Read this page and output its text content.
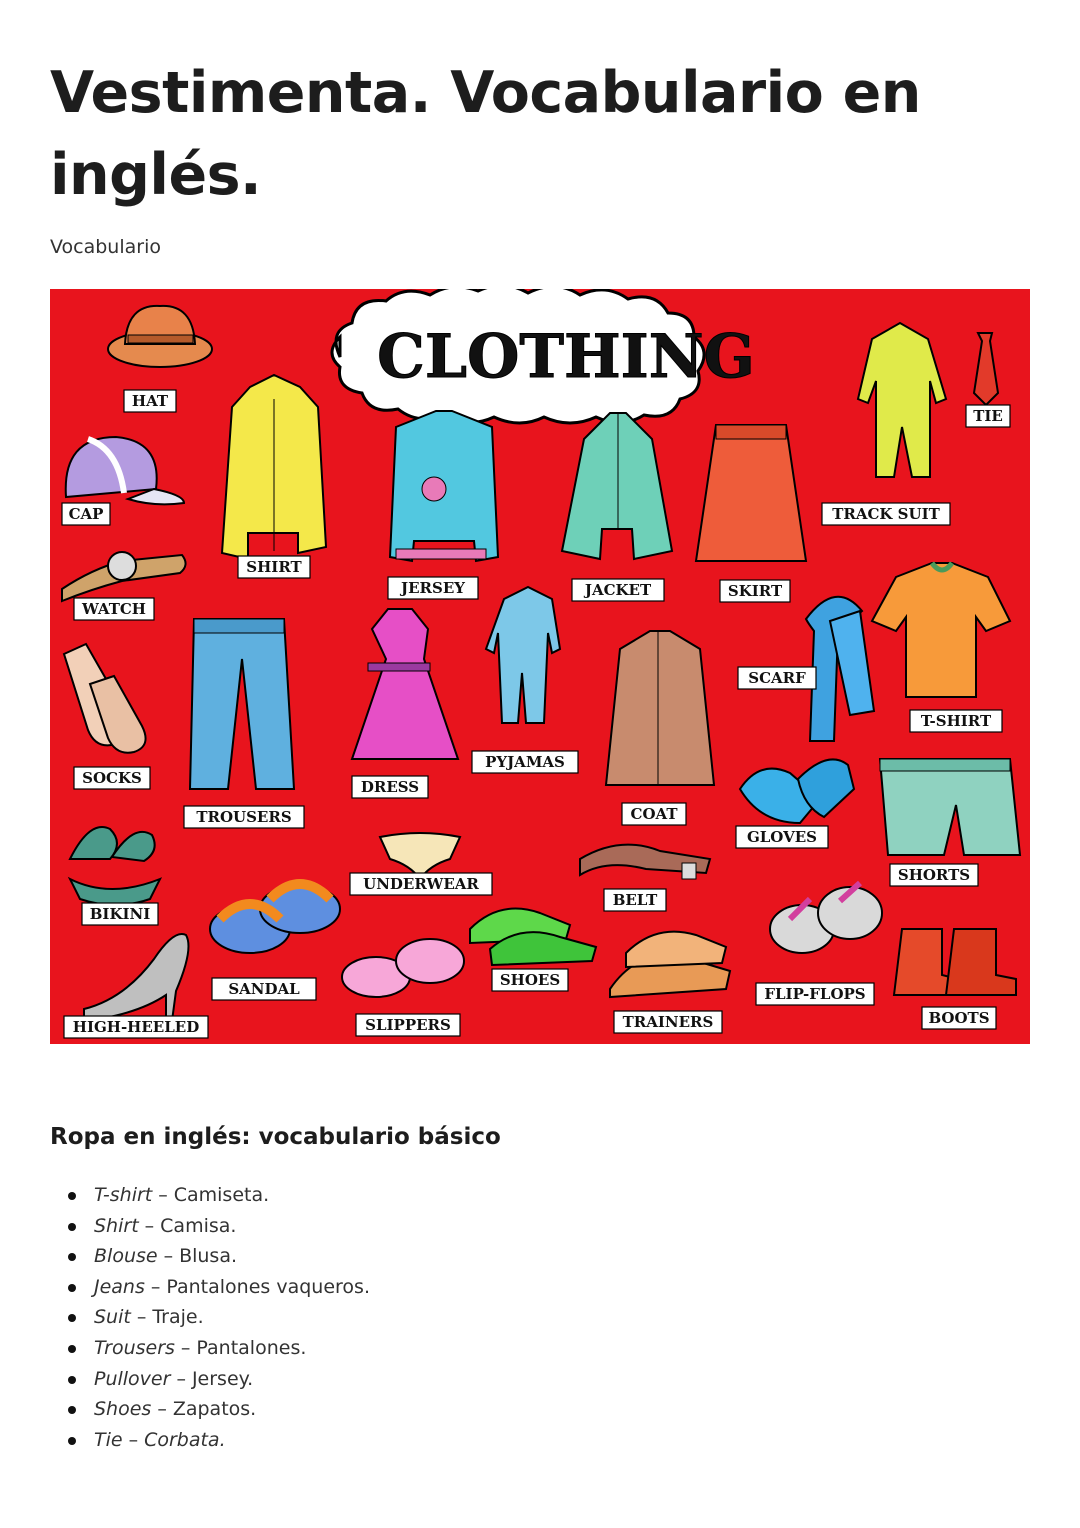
Vestimenta. Vocabulario en inglés.
Vocabulario
CLOTHING
HAT
CAP
WATCH
SOCKS
BIKINI
HIGH-HEELED
SHIRT
TROUSERS
SANDAL
JERSEY
DRESS
UNDERWEAR
SLIPPERS
PYJAMAS
SHOES
JACKET
COAT
BELT
TRAINERS
SKIRT
SCARF
GLOVES
FLIP-FLOPS
TRACK SUIT
TIE
T-SHIRT
SHORTS
BOOTS
Ropa en inglés: vocabulario básico
T-shirt – Camiseta.
Shirt – Camisa.
Blouse – Blusa.
Jeans – Pantalones vaqueros.
Suit – Traje.
Trousers – Pantalones.
Pullover – Jersey.
Shoes – Zapatos.
Tie – Corbata.
